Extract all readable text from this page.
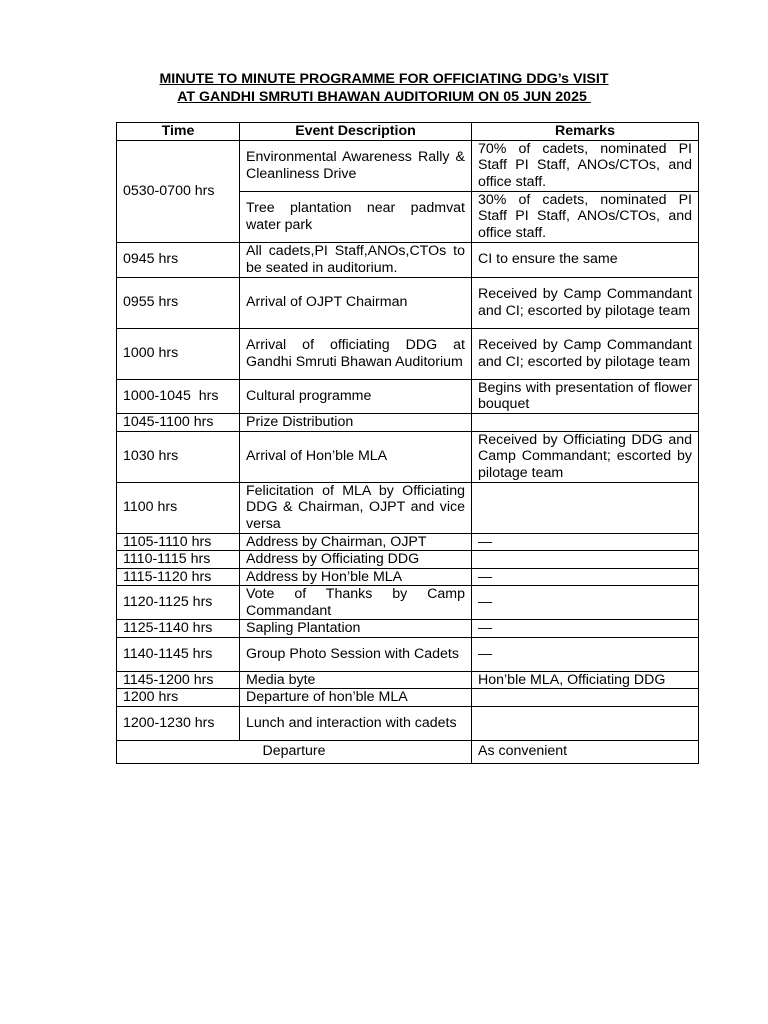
MINUTE TO MINUTE PROGRAMME FOR OFFICIATING DDG’s VISIT
AT GANDHI SMRUTI BHAWAN AUDITORIUM ON 05 JUN 2025
Time	Event Description	Remarks
0530-0700 hrs	Environmental Awareness Rally & Cleanliness Drive	70% of cadets, nominated PI Staff PI Staff, ANOs/CTOs, and office staff.
	Tree plantation near padmvat water park	30% of cadets, nominated PI Staff PI Staff, ANOs/CTOs, and office staff.
0945 hrs	All cadets,PI Staff,ANOs,CTOs to be seated in auditorium.	CI to ensure the same
0955 hrs	Arrival of OJPT Chairman	Received by Camp Commandant and CI; escorted by pilotage team
1000 hrs	Arrival of officiating DDG at Gandhi Smruti Bhawan Auditorium	Received by Camp Commandant and CI; escorted by pilotage team
1000-1045  hrs	Cultural programme	Begins with presentation of flower bouquet
1045-1100 hrs	Prize Distribution	
1030 hrs	Arrival of Hon’ble MLA	Received by Officiating DDG and Camp Commandant; escorted by pilotage team
1100 hrs	Felicitation of MLA by Officiating DDG & Chairman, OJPT and vice versa	
1105-1110 hrs	Address by Chairman, OJPT	—
1110-1115 hrs	Address by Officiating DDG	
1115-1120 hrs	Address by Hon’ble MLA	—
1120-1125 hrs	Vote of Thanks by Camp Commandant	—
1125-1140 hrs	Sapling Plantation	—
1140-1145 hrs	Group Photo Session with Cadets	—
1145-1200 hrs	Media byte	Hon’ble MLA, Officiating DDG
1200 hrs	Departure of hon’ble MLA	
1200-1230 hrs	Lunch and interaction with cadets	
Departure		As convenient
